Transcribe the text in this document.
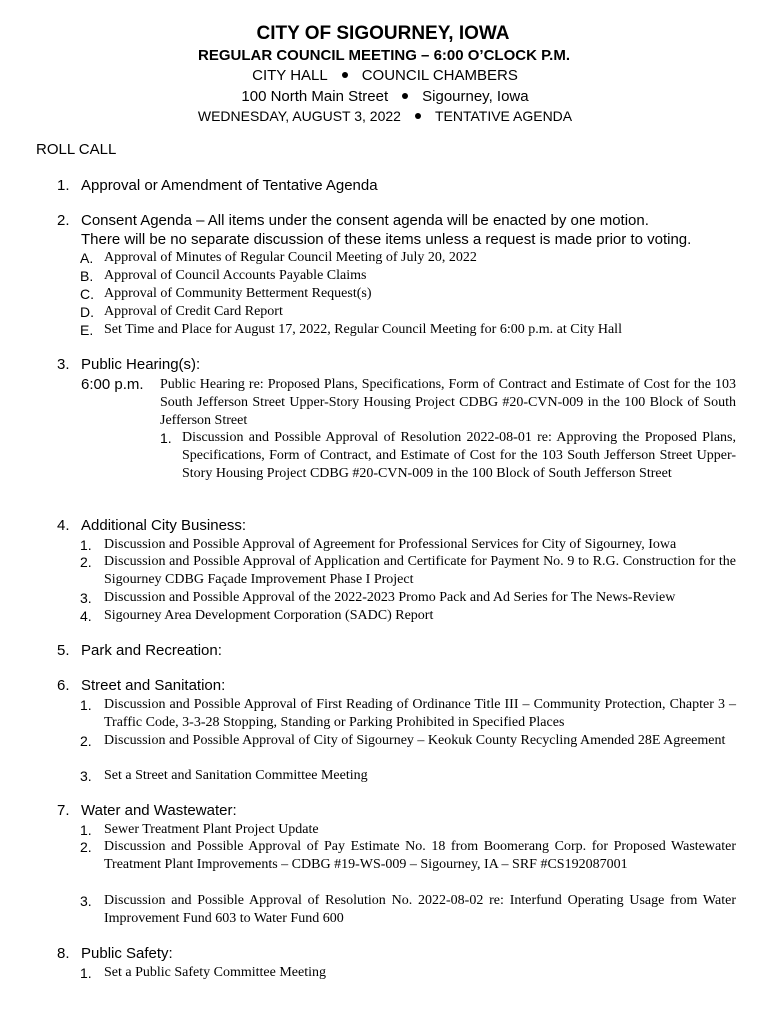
CITY OF SIGOURNEY, IOWA
REGULAR COUNCIL MEETING – 6:00 O’CLOCK P.M.
CITY HALL COUNCIL CHAMBERS
100 North Main Street Sigourney, Iowa
WEDNESDAY, AUGUST 3, 2022 TENTATIVE AGENDA
ROLL CALL
1. Approval or Amendment of Tentative Agenda
2. Consent Agenda – All items under the consent agenda will be enacted by one motion.
There will be no separate discussion of these items unless a request is made prior to voting.
A. Approval of Minutes of Regular Council Meeting of July 20, 2022
B. Approval of Council Accounts Payable Claims
C. Approval of Community Betterment Request(s)
D. Approval of Credit Card Report
E. Set Time and Place for August 17, 2022, Regular Council Meeting for 6:00 p.m. at City Hall
3. Public Hearing(s):
6:00 p.m. Public Hearing re: Proposed Plans, Specifications, Form of Contract and Estimate of Cost for the 103 South Jefferson Street Upper-Story Housing Project CDBG #20-CVN-009 in the 100 Block of South Jefferson Street
1. Discussion and Possible Approval of Resolution 2022-08-01 re: Approving the Proposed Plans, Specifications, Form of Contract, and Estimate of Cost for the 103 South Jefferson Street Upper-Story Housing Project CDBG #20-CVN-009 in the 100 Block of South Jefferson Street
4. Additional City Business:
1. Discussion and Possible Approval of Agreement for Professional Services for City of Sigourney, Iowa
2. Discussion and Possible Approval of Application and Certificate for Payment No. 9 to R.G. Construction for the Sigourney CDBG Façade Improvement Phase I Project
3. Discussion and Possible Approval of the 2022-2023 Promo Pack and Ad Series for The News-Review
4. Sigourney Area Development Corporation (SADC) Report
5. Park and Recreation:
6. Street and Sanitation:
1. Discussion and Possible Approval of First Reading of Ordinance Title III – Community Protection, Chapter 3 – Traffic Code, 3-3-28 Stopping, Standing or Parking Prohibited in Specified Places
2. Discussion and Possible Approval of City of Sigourney – Keokuk County Recycling Amended 28E Agreement
3. Set a Street and Sanitation Committee Meeting
7. Water and Wastewater:
1. Sewer Treatment Plant Project Update
2. Discussion and Possible Approval of Pay Estimate No. 18 from Boomerang Corp. for Proposed Wastewater Treatment Plant Improvements – CDBG #19-WS-009 – Sigourney, IA – SRF #CS192087001
3. Discussion and Possible Approval of Resolution No. 2022-08-02 re: Interfund Operating Usage from Water Improvement Fund 603 to Water Fund 600
8. Public Safety:
1. Set a Public Safety Committee Meeting
